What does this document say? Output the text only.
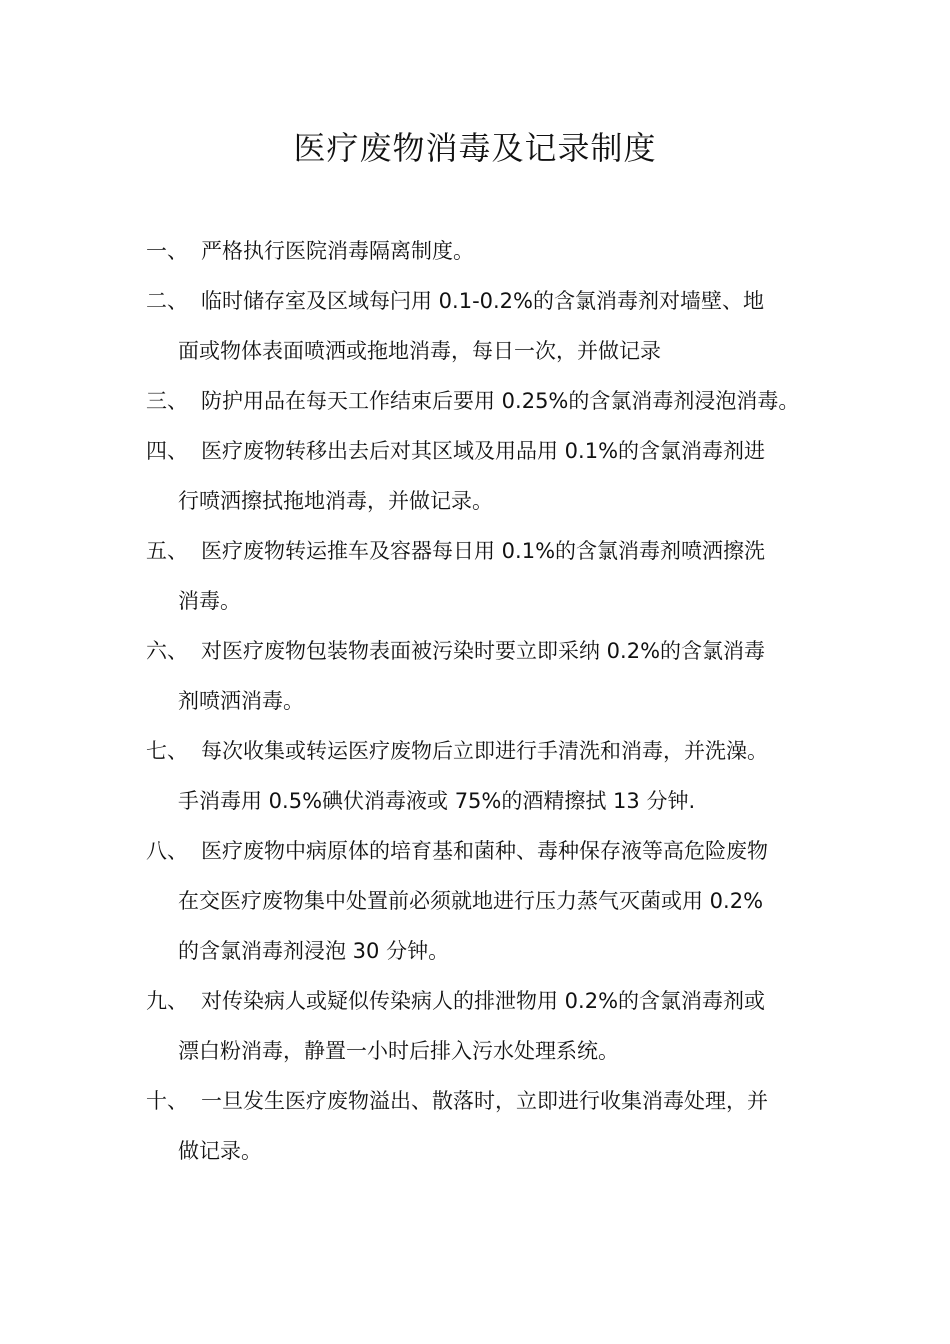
医疗废物消毒及记录制度
一、 严格执行医院消毒隔离制度。
二、 临时储存室及区域每闩用 0.1-0.2%的含氯消毒剂对墙壁、地
面或物体表面喷洒或拖地消毒，每日一次，并做记录
三、 防护用品在每天工作结束后要用 0.25%的含氯消毒剂浸泡消毒。
四、 医疗废物转移出去后对其区域及用品用 0.1%的含氯消毒剂进
行喷洒擦拭拖地消毒，并做记录。
五、 医疗废物转运推车及容器每日用 0.1%的含氯消毒剂喷洒擦洗
消毒。
六、 对医疗废物包装物表面被污染时要立即采纳 0.2%的含氯消毒
剂喷洒消毒。
七、 每次收集或转运医疗废物后立即进行手清洗和消毒，并洗澡。
手消毒用 0.5%碘伏消毒液或 75%的酒精擦拭 13 分钟.
八、 医疗废物中病原体的培育基和菌种、毒种保存液等高危险废物
在交医疗废物集中处置前必须就地进行压力蒸气灭菌或用 0.2%
的含氯消毒剂浸泡 30 分钟。
九、 对传染病人或疑似传染病人的排泄物用 0.2%的含氯消毒剂或
漂白粉消毒，静置一小时后排入污水处理系统。
十、 一旦发生医疗废物溢出、散落时，立即进行收集消毒处理，并
做记录。
